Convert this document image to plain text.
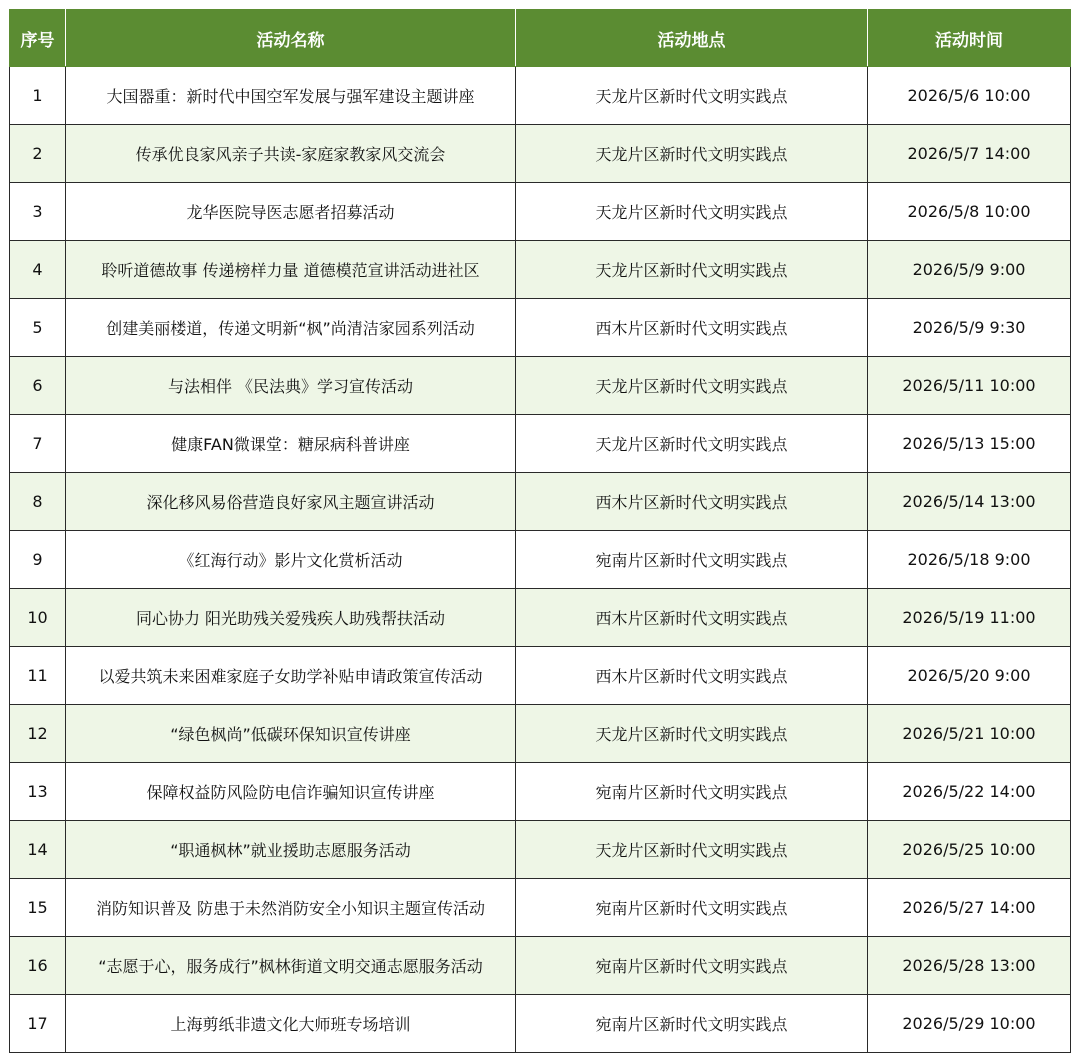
序号	活动名称	活动地点	活动时间
1	大国器重：新时代中国空军发展与强军建设主题讲座	天龙片区新时代文明实践点	2026/5/6 10:00
2	传承优良家风亲子共读-家庭家教家风交流会	天龙片区新时代文明实践点	2026/5/7 14:00
3	龙华医院导医志愿者招募活动	天龙片区新时代文明实践点	2026/5/8 10:00
4	聆听道德故事 传递榜样力量 道德模范宣讲活动进社区	天龙片区新时代文明实践点	2026/5/9 9:00
5	创建美丽楼道，传递文明新“枫”尚清洁家园系列活动	西木片区新时代文明实践点	2026/5/9 9:30
6	与法相伴 《民法典》学习宣传活动	天龙片区新时代文明实践点	2026/5/11 10:00
7	健康FAN微课堂：糖尿病科普讲座	天龙片区新时代文明实践点	2026/5/13 15:00
8	深化移风易俗营造良好家风主题宣讲活动	西木片区新时代文明实践点	2026/5/14 13:00
9	《红海行动》影片文化赏析活动	宛南片区新时代文明实践点	2026/5/18 9:00
10	同心协力 阳光助残关爱残疾人助残帮扶活动	西木片区新时代文明实践点	2026/5/19 11:00
11	以爱共筑未来困难家庭子女助学补贴申请政策宣传活动	西木片区新时代文明实践点	2026/5/20 9:00
12	“绿色枫尚”低碳环保知识宣传讲座	天龙片区新时代文明实践点	2026/5/21 10:00
13	保障权益防风险防电信诈骗知识宣传讲座	宛南片区新时代文明实践点	2026/5/22 14:00
14	“职通枫林”就业援助志愿服务活动	天龙片区新时代文明实践点	2026/5/25 10:00
15	消防知识普及 防患于未然消防安全小知识主题宣传活动	宛南片区新时代文明实践点	2026/5/27 14:00
16	“志愿于心，服务成行”枫林街道文明交通志愿服务活动	宛南片区新时代文明实践点	2026/5/28 13:00
17	上海剪纸非遗文化大师班专场培训	宛南片区新时代文明实践点	2026/5/29 10:00
